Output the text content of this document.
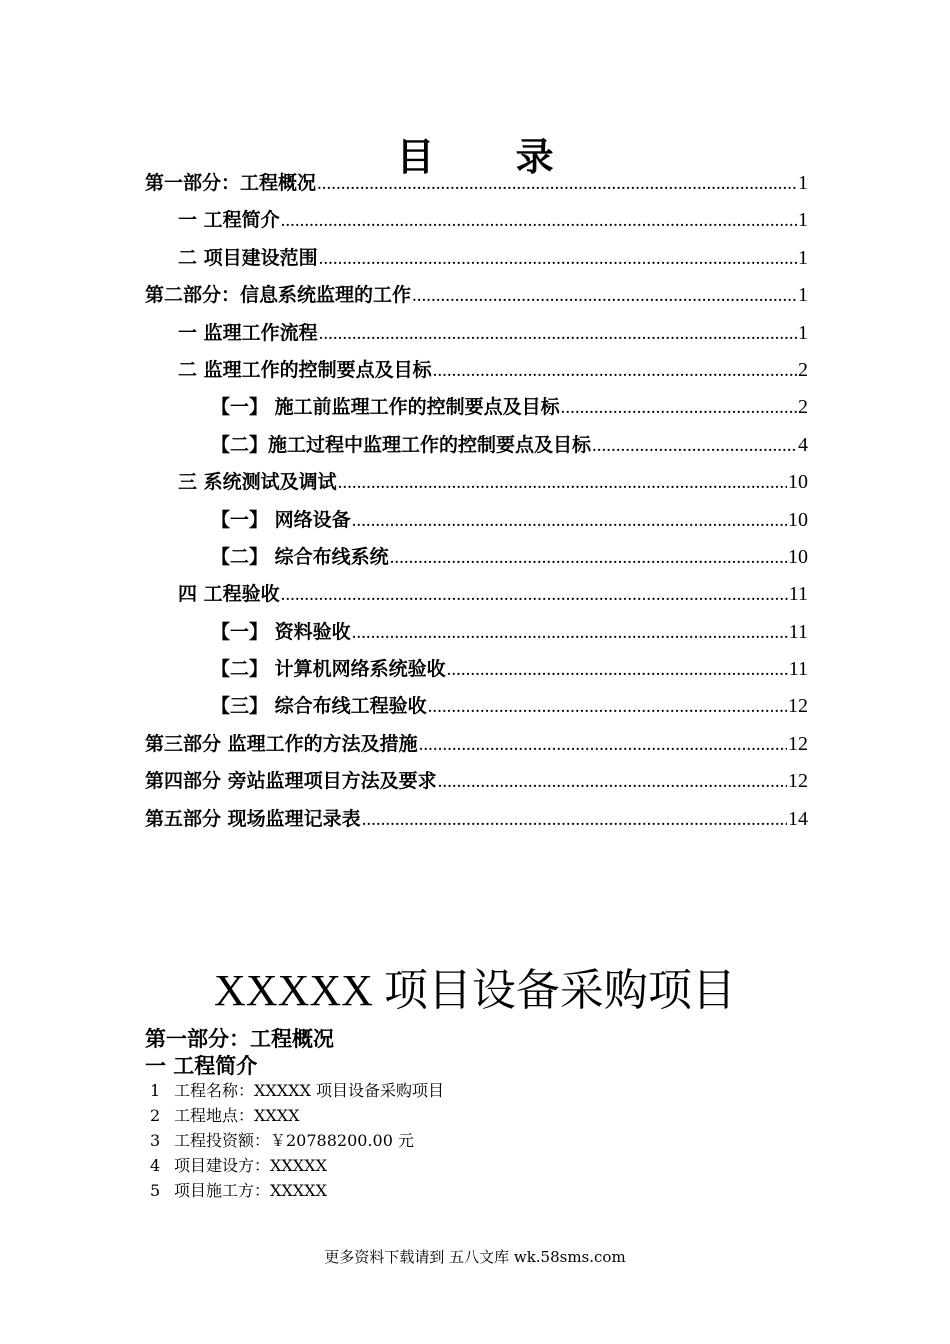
目 录
第一部分：工程概况 .....	1
一 工程简介 .....	1
二 项目建设范围 .....	1
第二部分：信息系统监理的工作 .....	1
一 监理工作流程 .....	1
二 监理工作的控制要点及目标 .....	2
【一】 施工前监理工作的控制要点及目标 .....	2
【二】施工过程中监理工作的控制要点及目标 .....	4
三 系统测试及调试 .....	10
【一】 网络设备 .....	10
【二】 综合布线系统 .....	10
四 工程验收 .....	11
【一】 资料验收 .....	11
【二】 计算机网络系统验收 .....	11
【三】 综合布线工程验收 .....	12
第三部分 监理工作的方法及措施 .....	12
第四部分 旁站监理项目方法及要求 .....	12
第五部分 现场监理记录表 .....	14
XXXXX 项目设备采购项目
第一部分：工程概况
一 工程简介
1 工程名称：XXXXX 项目设备采购项目
2 工程地点：XXXX
3 工程投资额：￥20788200.00 元
4 项目建设方：XXXXX
5 项目施工方：XXXXX
更多资料下载请到 五八文库 wk.58sms.com
